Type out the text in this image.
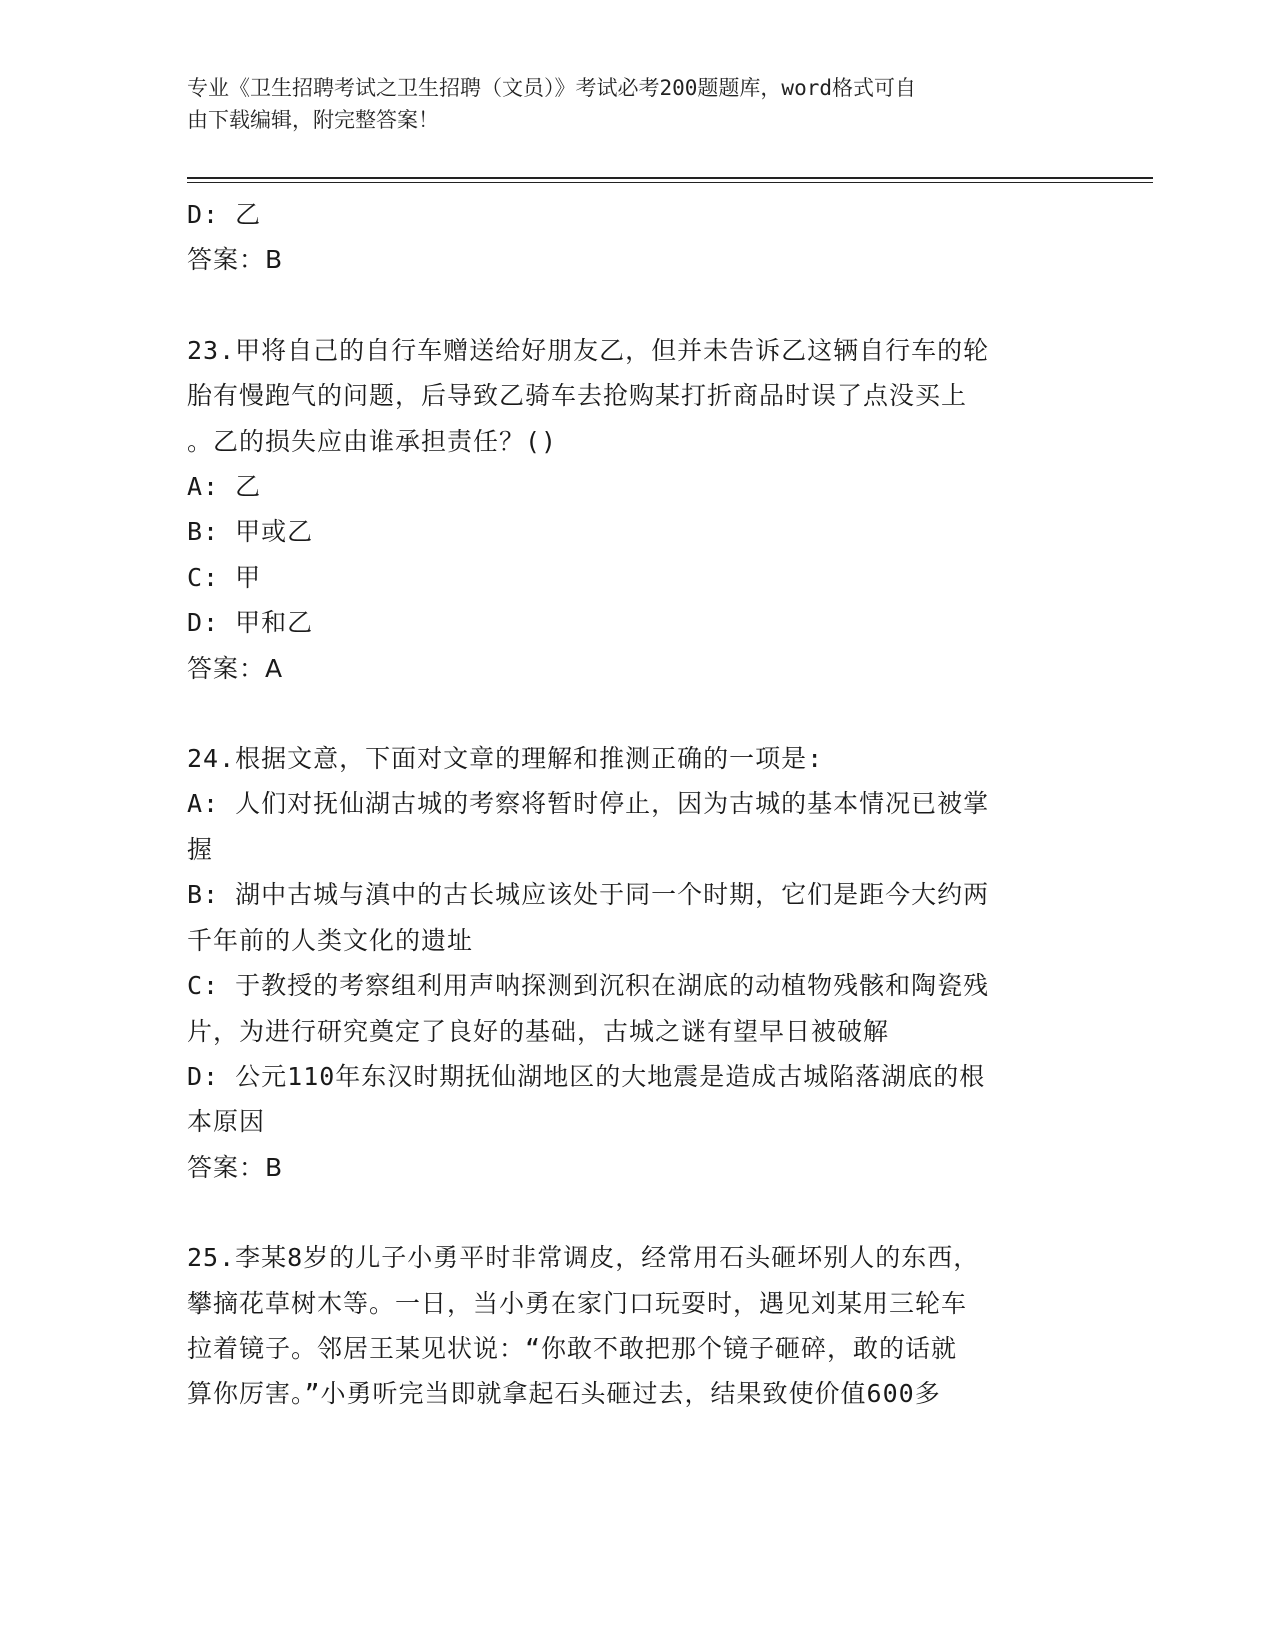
专业《卫生招聘考试之卫生招聘（文员）》考试必考200题题库，word格式可自
由下载编辑，附完整答案！
D: 乙
答案：B
23.甲将自己的自行车赠送给好朋友乙，但并未告诉乙这辆自行车的轮
胎有慢跑气的问题，后导致乙骑车去抢购某打折商品时误了点没买上
。乙的损失应由谁承担责任？()
A: 乙
B: 甲或乙
C: 甲
D: 甲和乙
答案：A
24.根据文意，下面对文章的理解和推测正确的一项是:
A: 人们对抚仙湖古城的考察将暂时停止，因为古城的基本情况已被掌
握
B: 湖中古城与滇中的古长城应该处于同一个时期，它们是距今大约两
千年前的人类文化的遗址
C: 于教授的考察组利用声呐探测到沉积在湖底的动植物残骸和陶瓷残
片，为进行研究奠定了良好的基础，古城之谜有望早日被破解
D: 公元110年东汉时期抚仙湖地区的大地震是造成古城陷落湖底的根
本原因
答案：B
25.李某8岁的儿子小勇平时非常调皮，经常用石头砸坏别人的东西，
攀摘花草树木等。一日，当小勇在家门口玩耍时，遇见刘某用三轮车
拉着镜子。邻居王某见状说：“你敢不敢把那个镜子砸碎，敢的话就
算你厉害。”小勇听完当即就拿起石头砸过去，结果致使价值600多
